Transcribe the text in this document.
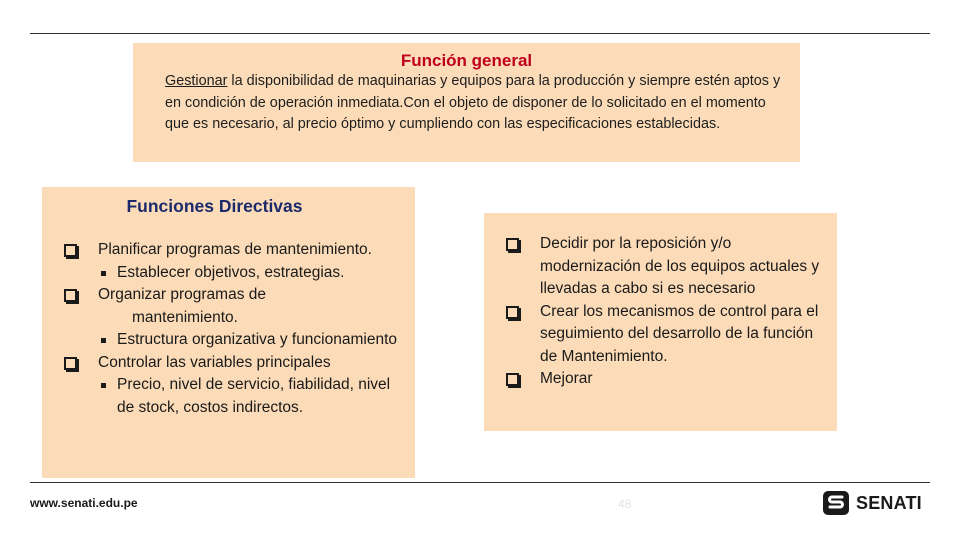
Función general
Gestionar la disponibilidad de maquinarias y equipos para la producción y siempre estén aptos y en condición de operación inmediata.Con el objeto de disponer de lo solicitado en el momento que es necesario, al precio óptimo y cumpliendo con las especificaciones establecidas.
Funciones Directivas
Planificar programas de mantenimiento.
Establecer objetivos, estrategias.
Organizar programas de
mantenimiento.
Estructura organizativa y funcionamiento
Controlar las variables principales
Precio, nivel de servicio, fiabilidad, nivel de stock, costos indirectos.
Decidir por la reposición y/o modernización de los equipos actuales y llevadas a cabo si es necesario
Crear los mecanismos de control para el seguimiento del desarrollo de la función de Mantenimiento.
Mejorar
www.senati.edu.pe	48	SENATI
